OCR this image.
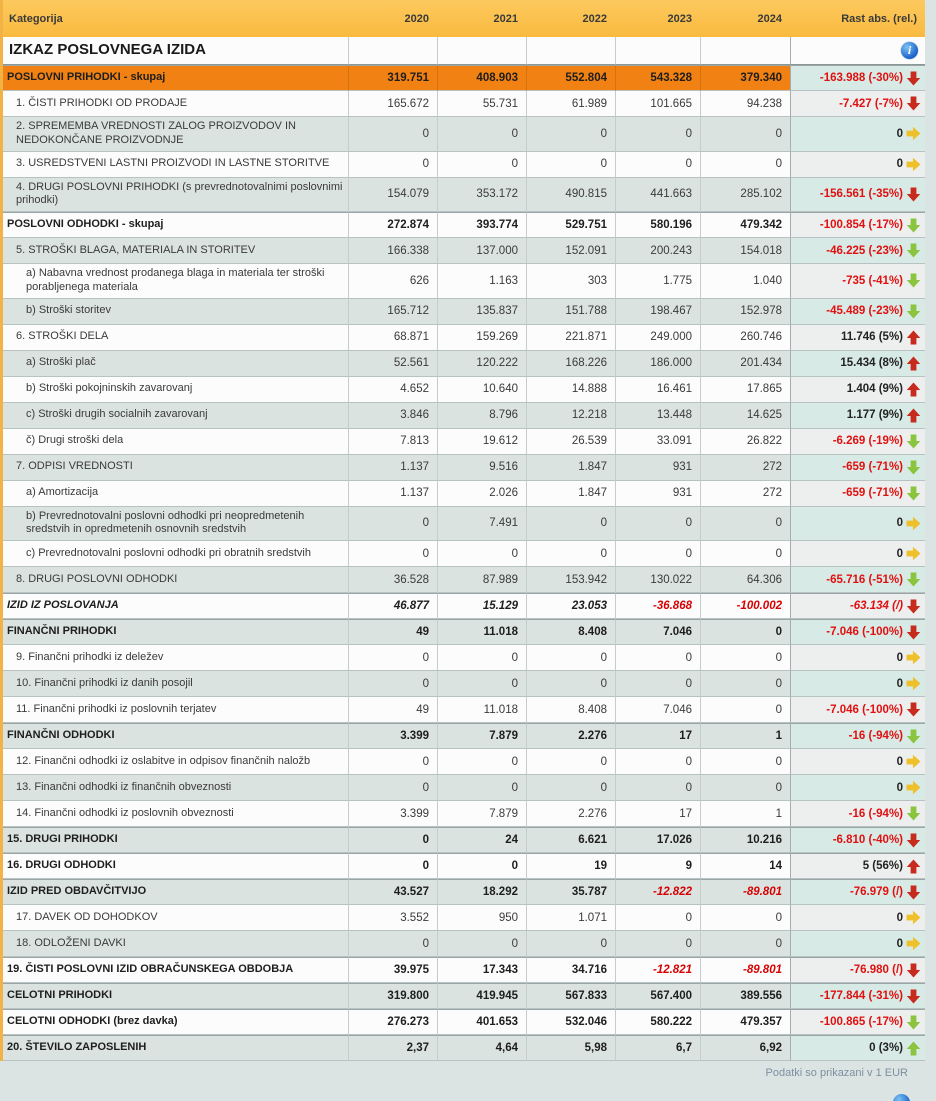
Kategorija	2020	2021	2022	2023	2024	Rast abs. (rel.)
IZKAZ POSLOVNEGA IZIDA	i
POSLOVNI PRIHODKI - skupaj	319.751	408.903	552.804	543.328	379.340	-163.988 (-30%)
1. ČISTI PRIHODKI OD PRODAJE	165.672	55.731	61.989	101.665	94.238	-7.427 (-7%)
2. SPREMEMBA VREDNOSTI ZALOG PROIZVODOV IN NEDOKONČANE PROIZVODNJE	0	0	0	0	0	0
3. USREDSTVENI LASTNI PROIZVODI IN LASTNE STORITVE	0	0	0	0	0	0
4. DRUGI POSLOVNI PRIHODKI (s prevrednotovalnimi poslovnimi prihodki)	154.079	353.172	490.815	441.663	285.102	-156.561 (-35%)
POSLOVNI ODHODKI - skupaj	272.874	393.774	529.751	580.196	479.342	-100.854 (-17%)
5. STROŠKI BLAGA, MATERIALA IN STORITEV	166.338	137.000	152.091	200.243	154.018	-46.225 (-23%)
a) Nabavna vrednost prodanega blaga in materiala ter stroški porabljenega materiala	626	1.163	303	1.775	1.040	-735 (-41%)
b) Stroški storitev	165.712	135.837	151.788	198.467	152.978	-45.489 (-23%)
6. STROŠKI DELA	68.871	159.269	221.871	249.000	260.746	11.746 (5%)
a) Stroški plač	52.561	120.222	168.226	186.000	201.434	15.434 (8%)
b) Stroški pokojninskih zavarovanj	4.652	10.640	14.888	16.461	17.865	1.404 (9%)
c) Stroški drugih socialnih zavarovanj	3.846	8.796	12.218	13.448	14.625	1.177 (9%)
č) Drugi stroški dela	7.813	19.612	26.539	33.091	26.822	-6.269 (-19%)
7. ODPISI VREDNOSTI	1.137	9.516	1.847	931	272	-659 (-71%)
a) Amortizacija	1.137	2.026	1.847	931	272	-659 (-71%)
b) Prevrednotovalni poslovni odhodki pri neopredmetenih sredstvih in opredmetenih osnovnih sredstvih	0	7.491	0	0	0	0
c) Prevrednotovalni poslovni odhodki pri obratnih sredstvih	0	0	0	0	0	0
8. DRUGI POSLOVNI ODHODKI	36.528	87.989	153.942	130.022	64.306	-65.716 (-51%)
IZID IZ POSLOVANJA	46.877	15.129	23.053	-36.868	-100.002	-63.134 (/)
FINANČNI PRIHODKI	49	11.018	8.408	7.046	0	-7.046 (-100%)
9. Finančni prihodki iz deležev	0	0	0	0	0	0
10. Finančni prihodki iz danih posojil	0	0	0	0	0	0
11. Finančni prihodki iz poslovnih terjatev	49	11.018	8.408	7.046	0	-7.046 (-100%)
FINANČNI ODHODKI	3.399	7.879	2.276	17	1	-16 (-94%)
12. Finančni odhodki iz oslabitve in odpisov finančnih naložb	0	0	0	0	0	0
13. Finančni odhodki iz finančnih obveznosti	0	0	0	0	0	0
14. Finančni odhodki iz poslovnih obveznosti	3.399	7.879	2.276	17	1	-16 (-94%)
15. DRUGI PRIHODKI	0	24	6.621	17.026	10.216	-6.810 (-40%)
16. DRUGI ODHODKI	0	0	19	9	14	5 (56%)
IZID PRED OBDAVČITVIJO	43.527	18.292	35.787	-12.822	-89.801	-76.979 (/)
17. DAVEK OD DOHODKOV	3.552	950	1.071	0	0	0
18. ODLOŽENI DAVKI	0	0	0	0	0	0
19. ČISTI POSLOVNI IZID OBRAČUNSKEGA OBDOBJA	39.975	17.343	34.716	-12.821	-89.801	-76.980 (/)
CELOTNI PRIHODKI	319.800	419.945	567.833	567.400	389.556	-177.844 (-31%)
CELOTNI ODHODKI (brez davka)	276.273	401.653	532.046	580.222	479.357	-100.865 (-17%)
20. ŠTEVILO ZAPOSLENIH	2,37	4,64	5,98	6,7	6,92	0 (3%)
Podatki so prikazani v 1 EUR
